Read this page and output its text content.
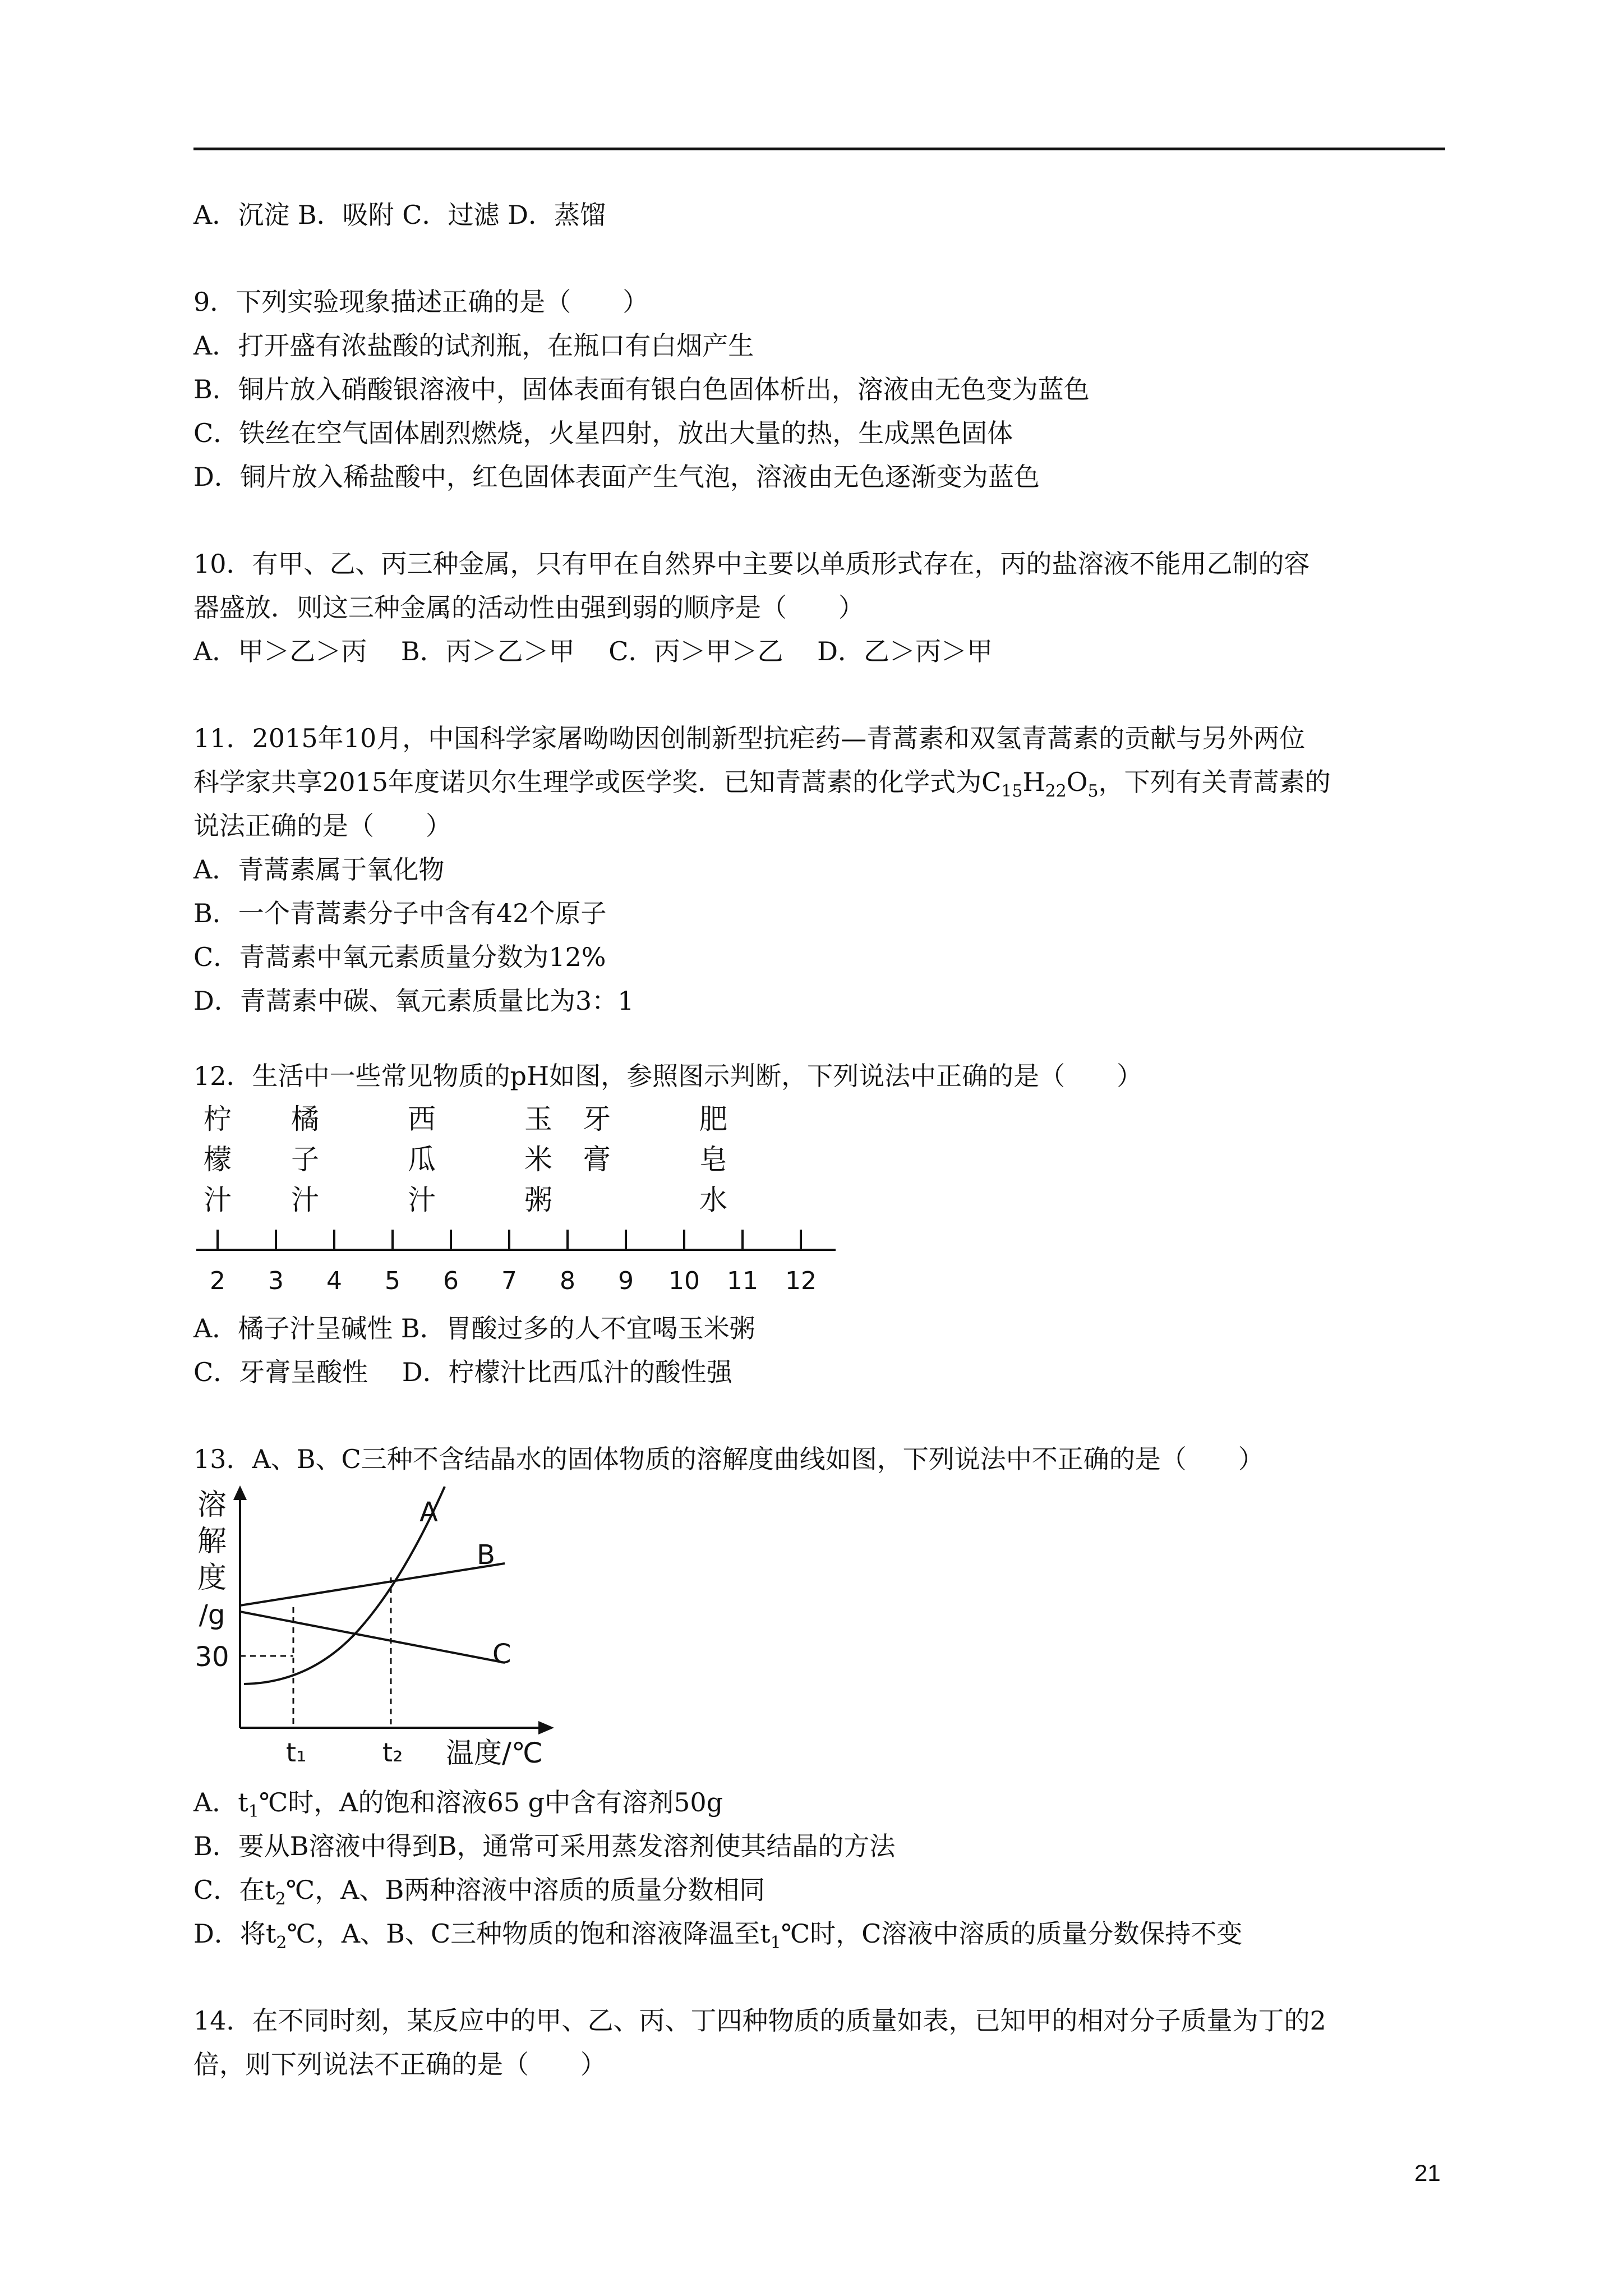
A．沉淀 B．吸附 C．过滤 D．蒸馏
9．下列实验现象描述正确的是（　　）
A．打开盛有浓盐酸的试剂瓶，在瓶口有白烟产生
B．铜片放入硝酸银溶液中，固体表面有银白色固体析出，溶液由无色变为蓝色
C．铁丝在空气固体剧烈燃烧，火星四射，放出大量的热，生成黑色固体
D．铜片放入稀盐酸中，红色固体表面产生气泡，溶液由无色逐渐变为蓝色
10．有甲、乙、丙三种金属，只有甲在自然界中主要以单质形式存在，丙的盐溶液不能用乙制的容
器盛放．则这三种金属的活动性由强到弱的顺序是（　　）
A．甲＞乙＞丙　 B．丙＞乙＞甲　 C．丙＞甲＞乙　 D．乙＞丙＞甲
11．2015年10月，中国科学家屠呦呦因创制新型抗疟药—青蒿素和双氢青蒿素的贡献与另外两位
科学家共享2015年度诺贝尔生理学或医学奖．已知青蒿素的化学式为$C_{15}H_{22}O_5$，下列有关青蒿素的
说法正确的是（　　）
A．青蒿素属于氧化物
B．一个青蒿素分子中含有42个原子
C．青蒿素中氧元素质量分数为12%
D．青蒿素中碳、氧元素质量比为3：1
12．生活中一些常见物质的pH如图，参照图示判断，下列说法中正确的是（　　）
柠
檬
汁
橘
子
汁
西
瓜
汁
玉
米
粥
牙
膏
肥
皂
水
2 3 4 5 6 7 8 9 10 11 12
A．橘子汁呈碱性 B．胃酸过多的人不宜喝玉米粥
C．牙膏呈酸性　 D．柠檬汁比西瓜汁的酸性强
13．A、B、C三种不含结晶水的固体物质的溶解度曲线如图，下列说法中不正确的是（　　）
溶
解
度
/g
30
A
B
C
t₁	t₂ 温度/℃
A．$t_1℃$时，A的饱和溶液65 g中含有溶剂50g
B．要从B溶液中得到B，通常可采用蒸发溶剂使其结晶的方法
C．在$t_2℃$，A、B两种溶液中溶质的质量分数相同
D．将$t_2℃$，A、B、C三种物质的饱和溶液降温至$t_1℃$时，C溶液中溶质的质量分数保持不变
14．在不同时刻，某反应中的甲、乙、丙、丁四种物质的质量如表，已知甲的相对分子质量为丁的2
倍，则下列说法不正确的是（　　）
21
